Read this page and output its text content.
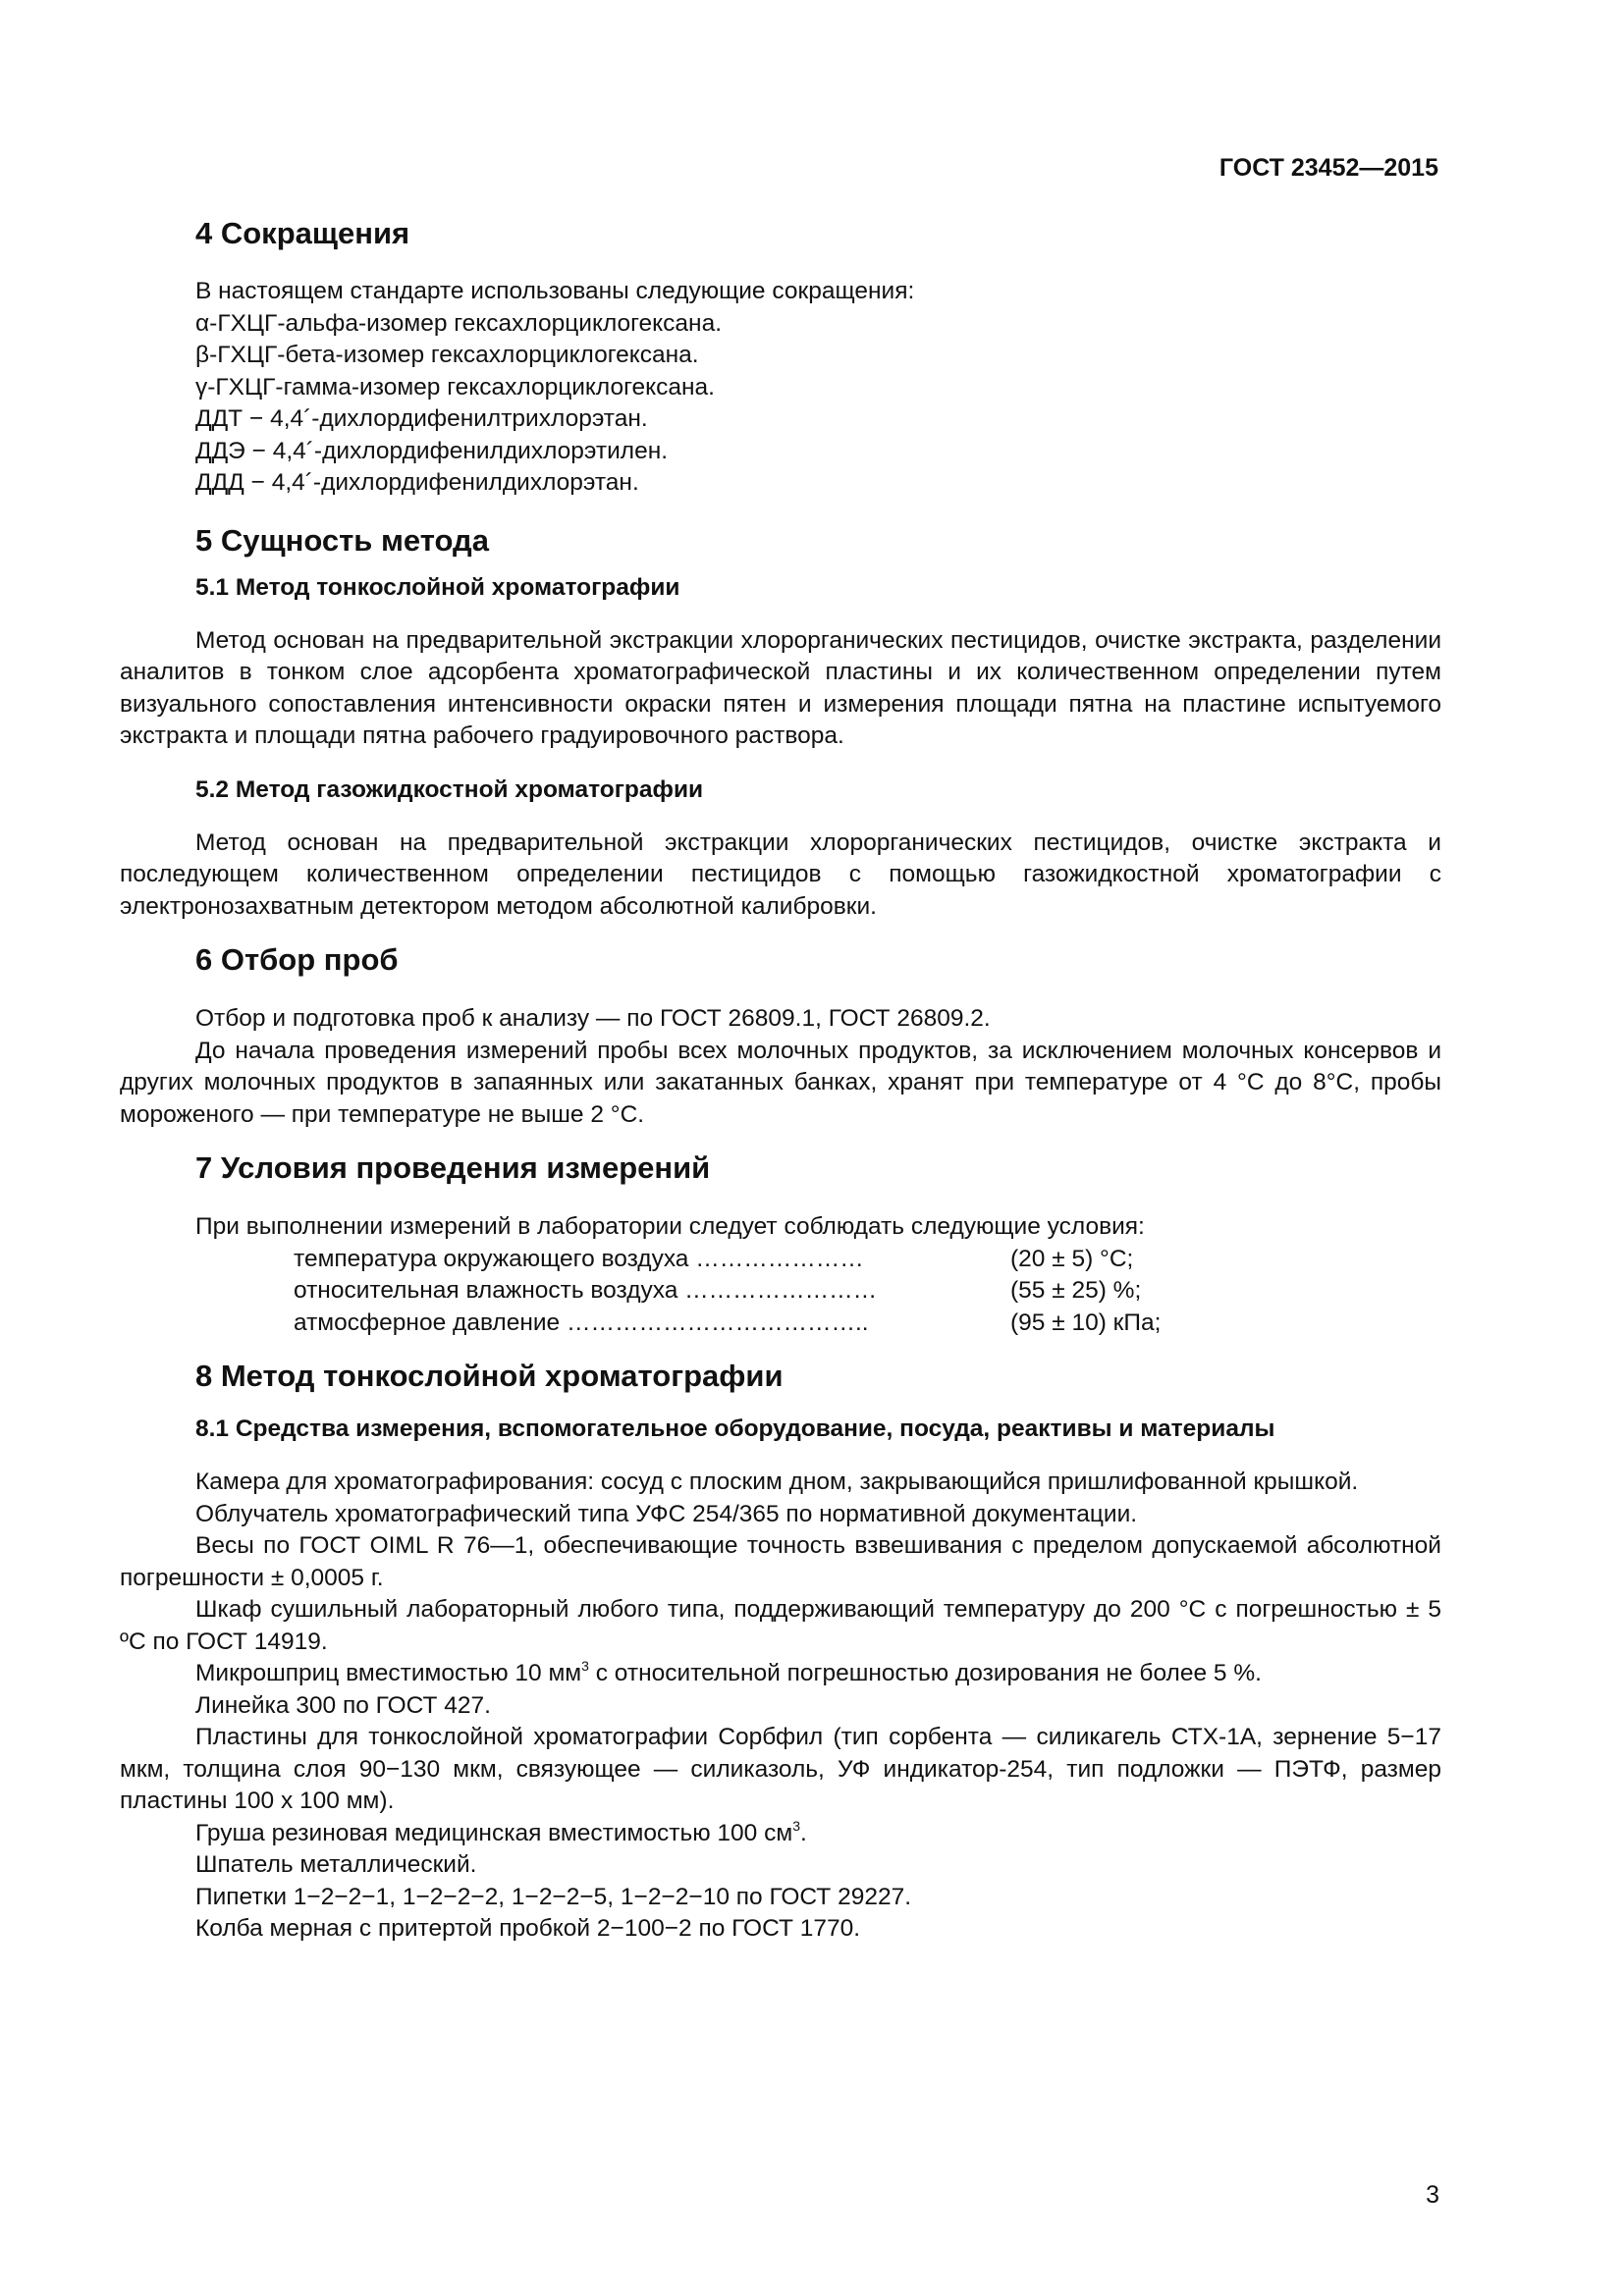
ГОСТ 23452—2015
4 Сокращения

В настоящем стандарте использованы следующие сокращения:

α-ГХЦГ-альфа-изомер гексахлорциклогексана.

β-ГХЦГ-бета-изомер гексахлорциклогексана.

γ-ГХЦГ-гамма-изомер гексахлорциклогексана.

ДДТ − 4,4´-дихлордифенилтрихлорэтан.

ДДЭ − 4,4´-дихлордифенилдихлорэтилен.

ДДД − 4,4´-дихлордифенилдихлорэтан.

5 Сущность метода
5.1 Метод тонкослойной хроматографии

Метод основан на предварительной экстракции хлорорганических пестицидов, очистке экстракта, разделении аналитов в тонком слое адсорбента хроматографической пластины и их количественном определении путем визуального сопоставления интенсивности окраски пятен и измерения площади пятна на пластине испытуемого экстракта и площади пятна рабочего градуировочного раствора.

5.2 Метод газожидкостной хроматографии

Метод основан на предварительной экстракции хлорорганических пестицидов, очистке экстракта и последующем количественном определении пестицидов с помощью газожидкостной хроматографии с электронозахватным детектором методом абсолютной калибровки.

6 Отбор проб

Отбор и подготовка проб к анализу — по ГОСТ 26809.1, ГОСТ 26809.2.

До начала проведения измерений пробы всех молочных продуктов, за исключением молочных консервов и других молочных продуктов в запаянных или закатанных банках, хранят при температуре от 4 °С до 8°С, пробы мороженого — при температуре не выше 2 °С.

7 Условия проведения измерений

При выполнении измерений в лаборатории следует соблюдать следующие условия:

температура окружающего воздуха …………………	(20 ± 5) °С;
относительная влажность воздуха ……………………	(55 ± 25) %;
атмосферное давление ………………………………..	(95 ± 10) кПа;
8 Метод тонкослойной хроматографии
8.1 Средства измерения, вспомогательное оборудование, посуда, реактивы и материалы

Камера для хроматографирования: сосуд с плоским дном, закрывающийся пришлифованной крышкой.

Облучатель хроматографический типа УФС 254/365 по нормативной документации.

Весы по ГОСТ OIML R 76—1, обеспечивающие точность взвешивания с пределом допускаемой абсолютной погрешности ± 0,0005 г.

Шкаф сушильный лабораторный любого типа, поддерживающий температуру до 200 °С с погрешностью ± 5 ºС по ГОСТ 14919.

Микрошприц вместимостью 10 $мм^3$ с относительной погрешностью дозирования не более 5 %.

Линейка 300 по ГОСТ 427.

Пластины для тонкослойной хроматографии Сорбфил (тип сорбента — силикагель СТХ-1А, зернение 5−17 мкм, толщина слоя 90−130 мкм, связующее — силиказоль, УФ индикатор-254, тип подложки — ПЭТФ, размер пластины 100 х 100 мм).

Груша резиновая медицинская вместимостью 100 $см^3$.

Шпатель металлический.

Пипетки 1−2−2−1, 1−2−2−2, 1−2−2−5, 1−2−2−10 по ГОСТ 29227.

Колба мерная с притертой пробкой 2−100−2 по ГОСТ 1770.

3
